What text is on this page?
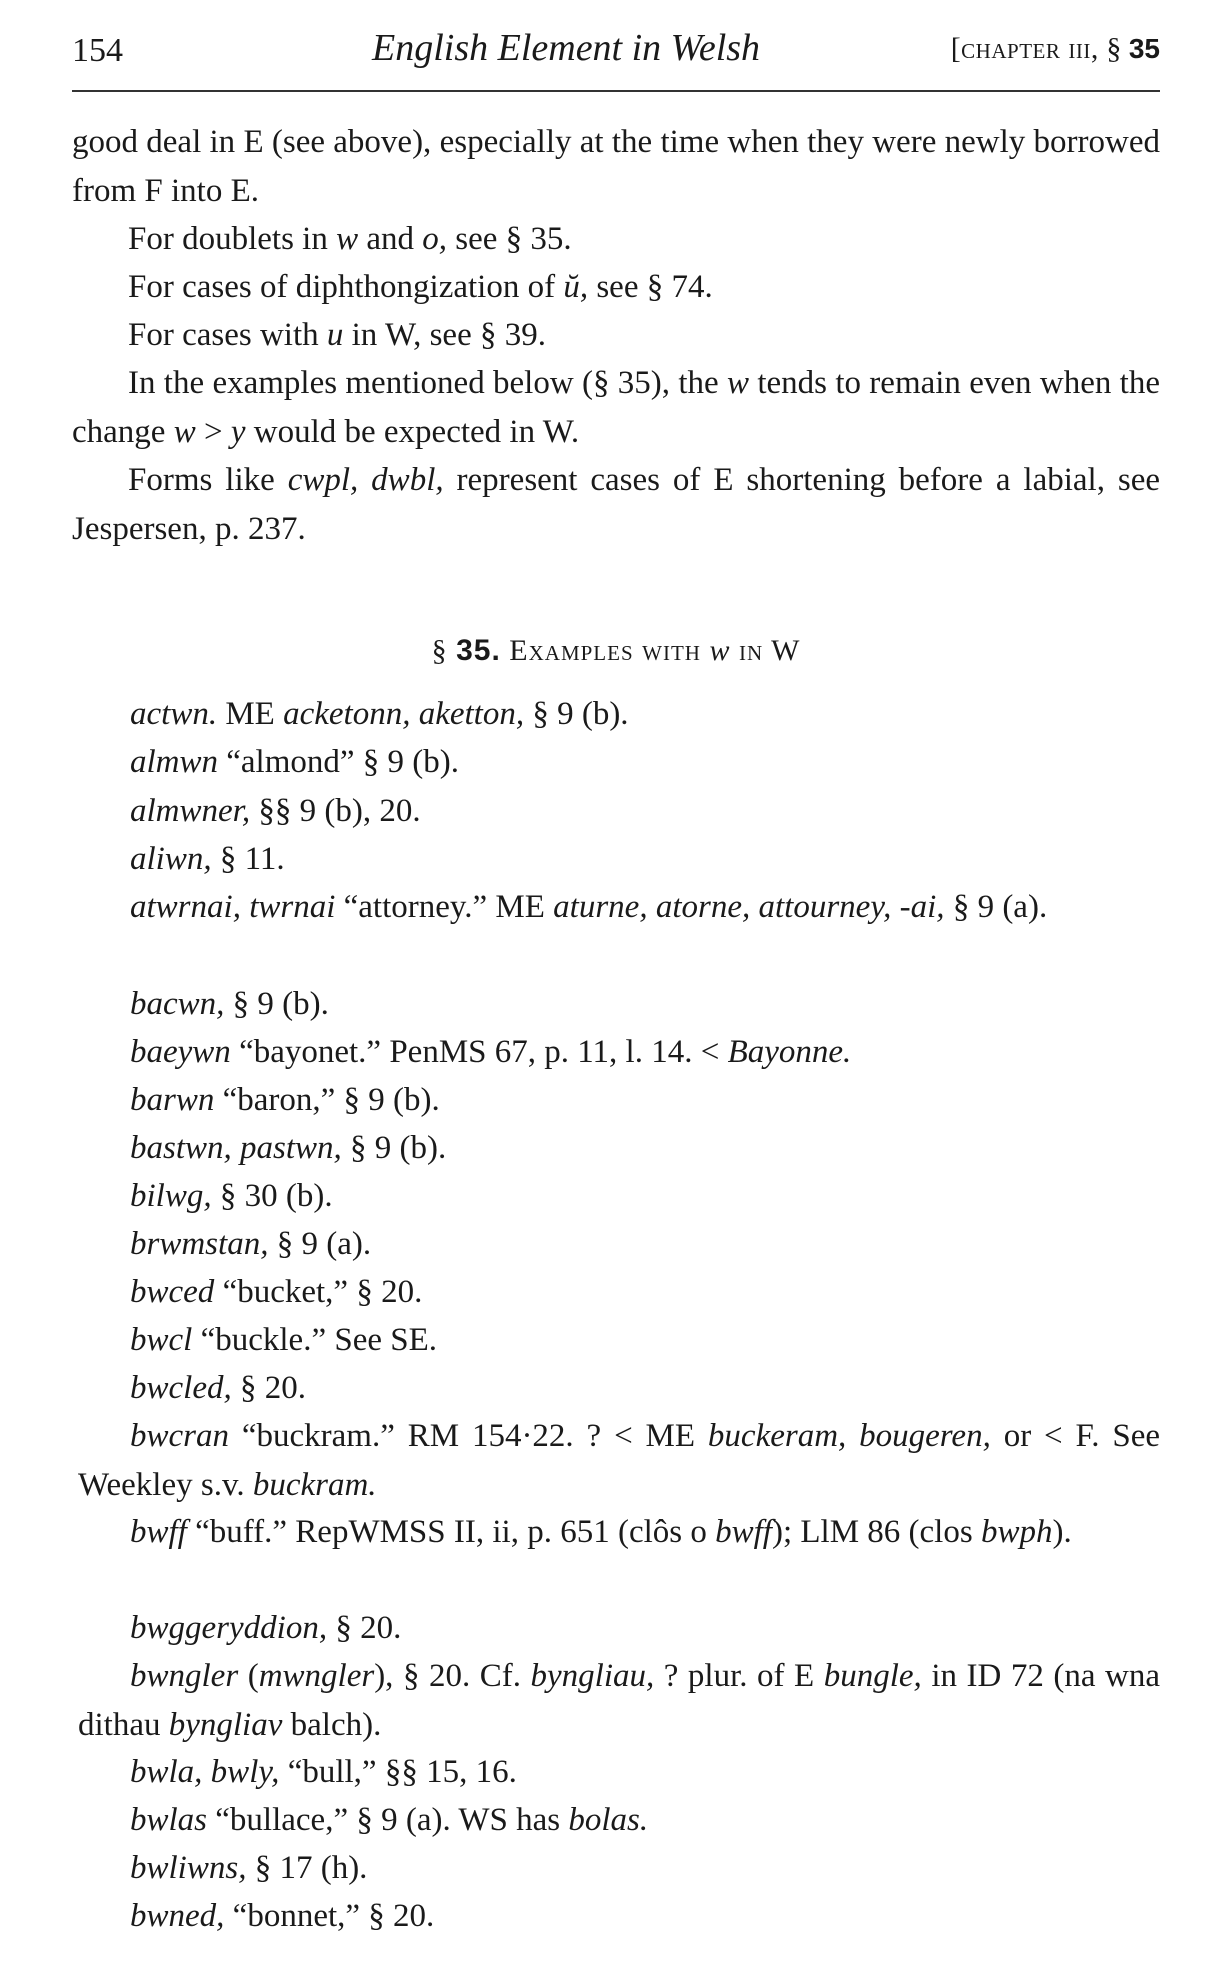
154	English Element in Welsh	[chapter iii, § 35
good deal in E (see above), especially at the time when they were newly borrowed from F into E.
For doublets in w and o, see § 35.
For cases of diphthongization of ŭ, see § 74.
For cases with u in W, see § 39.
In the examples mentioned below (§ 35), the w tends to remain even when the change w > y would be expected in W.
Forms like cwpl, dwbl, represent cases of E shortening before a labial, see Jespersen, p. 237.
§ 35. Examples with w in W
actwn. ME acketonn, aketton, § 9 (b).
almwn “almond” § 9 (b).
almwner, §§ 9 (b), 20.
aliwn, § 11.
atwrnai, twrnai “attorney.” ME aturne, atorne, attourney, -ai, § 9 (a).
bacwn, § 9 (b).
baeywn “bayonet.” PenMS 67, p. 11, l. 14. < Bayonne.
barwn “baron,” § 9 (b).
bastwn, pastwn, § 9 (b).
bilwg, § 30 (b).
brwmstan, § 9 (a).
bwced “bucket,” § 20.
bwcl “buckle.” See SE.
bwcled, § 20.
bwcran “buckram.” RM 154·22. ? < ME buckeram, bougeren, or < F. See Weekley s.v. buckram.
bwff “buff.” RepWMSS II, ii, p. 651 (clôs o bwff); LlM 86 (clos bwph).
bwggeryddion, § 20.
bwngler (mwngler), § 20. Cf. byngliau, ? plur. of E bungle, in ID 72 (na wna dithau byngliav balch).
bwla, bwly, “bull,” §§ 15, 16.
bwlas “bullace,” § 9 (a). WS has bolas.
bwliwns, § 17 (h).
bwned, “bonnet,” § 20.
